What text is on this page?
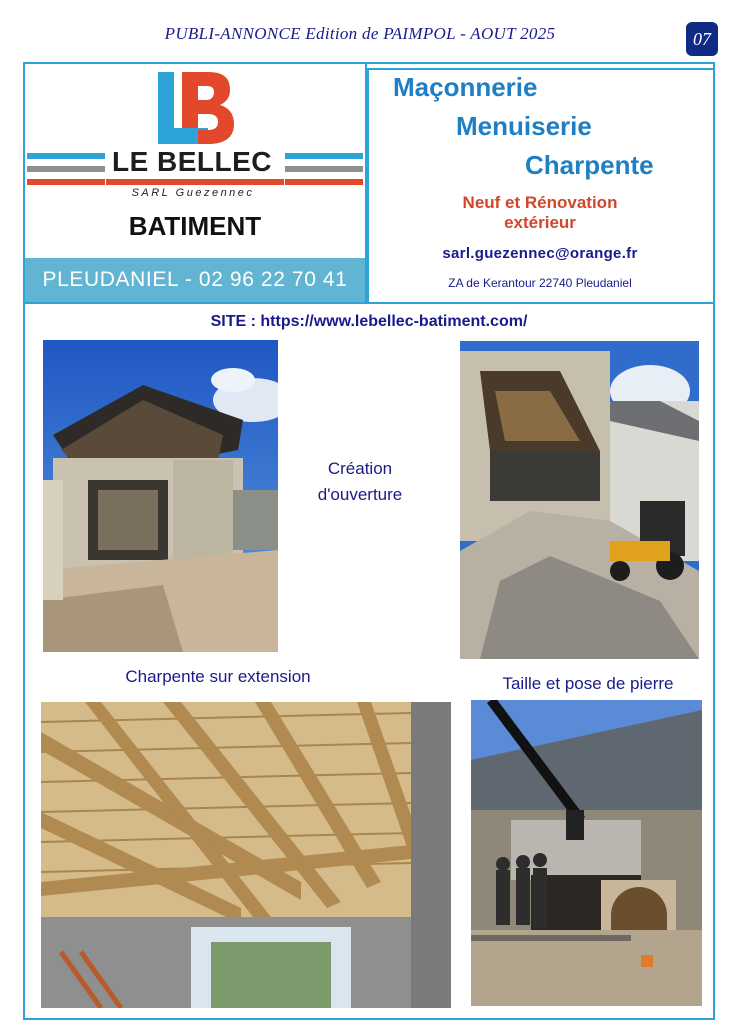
PUBLI-ANNONCE Edition de PAIMPOL - AOUT 2025	07
LE BELLEC
SARL Guezennec
BATIMENT
PLEUDANIEL - 02 96 22 70 41
Maçonnerie
Menuiserie
Charpente
Neuf et Rénovation
extérieur
sarl.guezennec@orange.fr
ZA de Kerantour 22740 Pleudaniel
SITE : https://www.lebellec-batiment.com/
Création
d'ouverture
Charpente sur extension	Taille et pose de pierre
